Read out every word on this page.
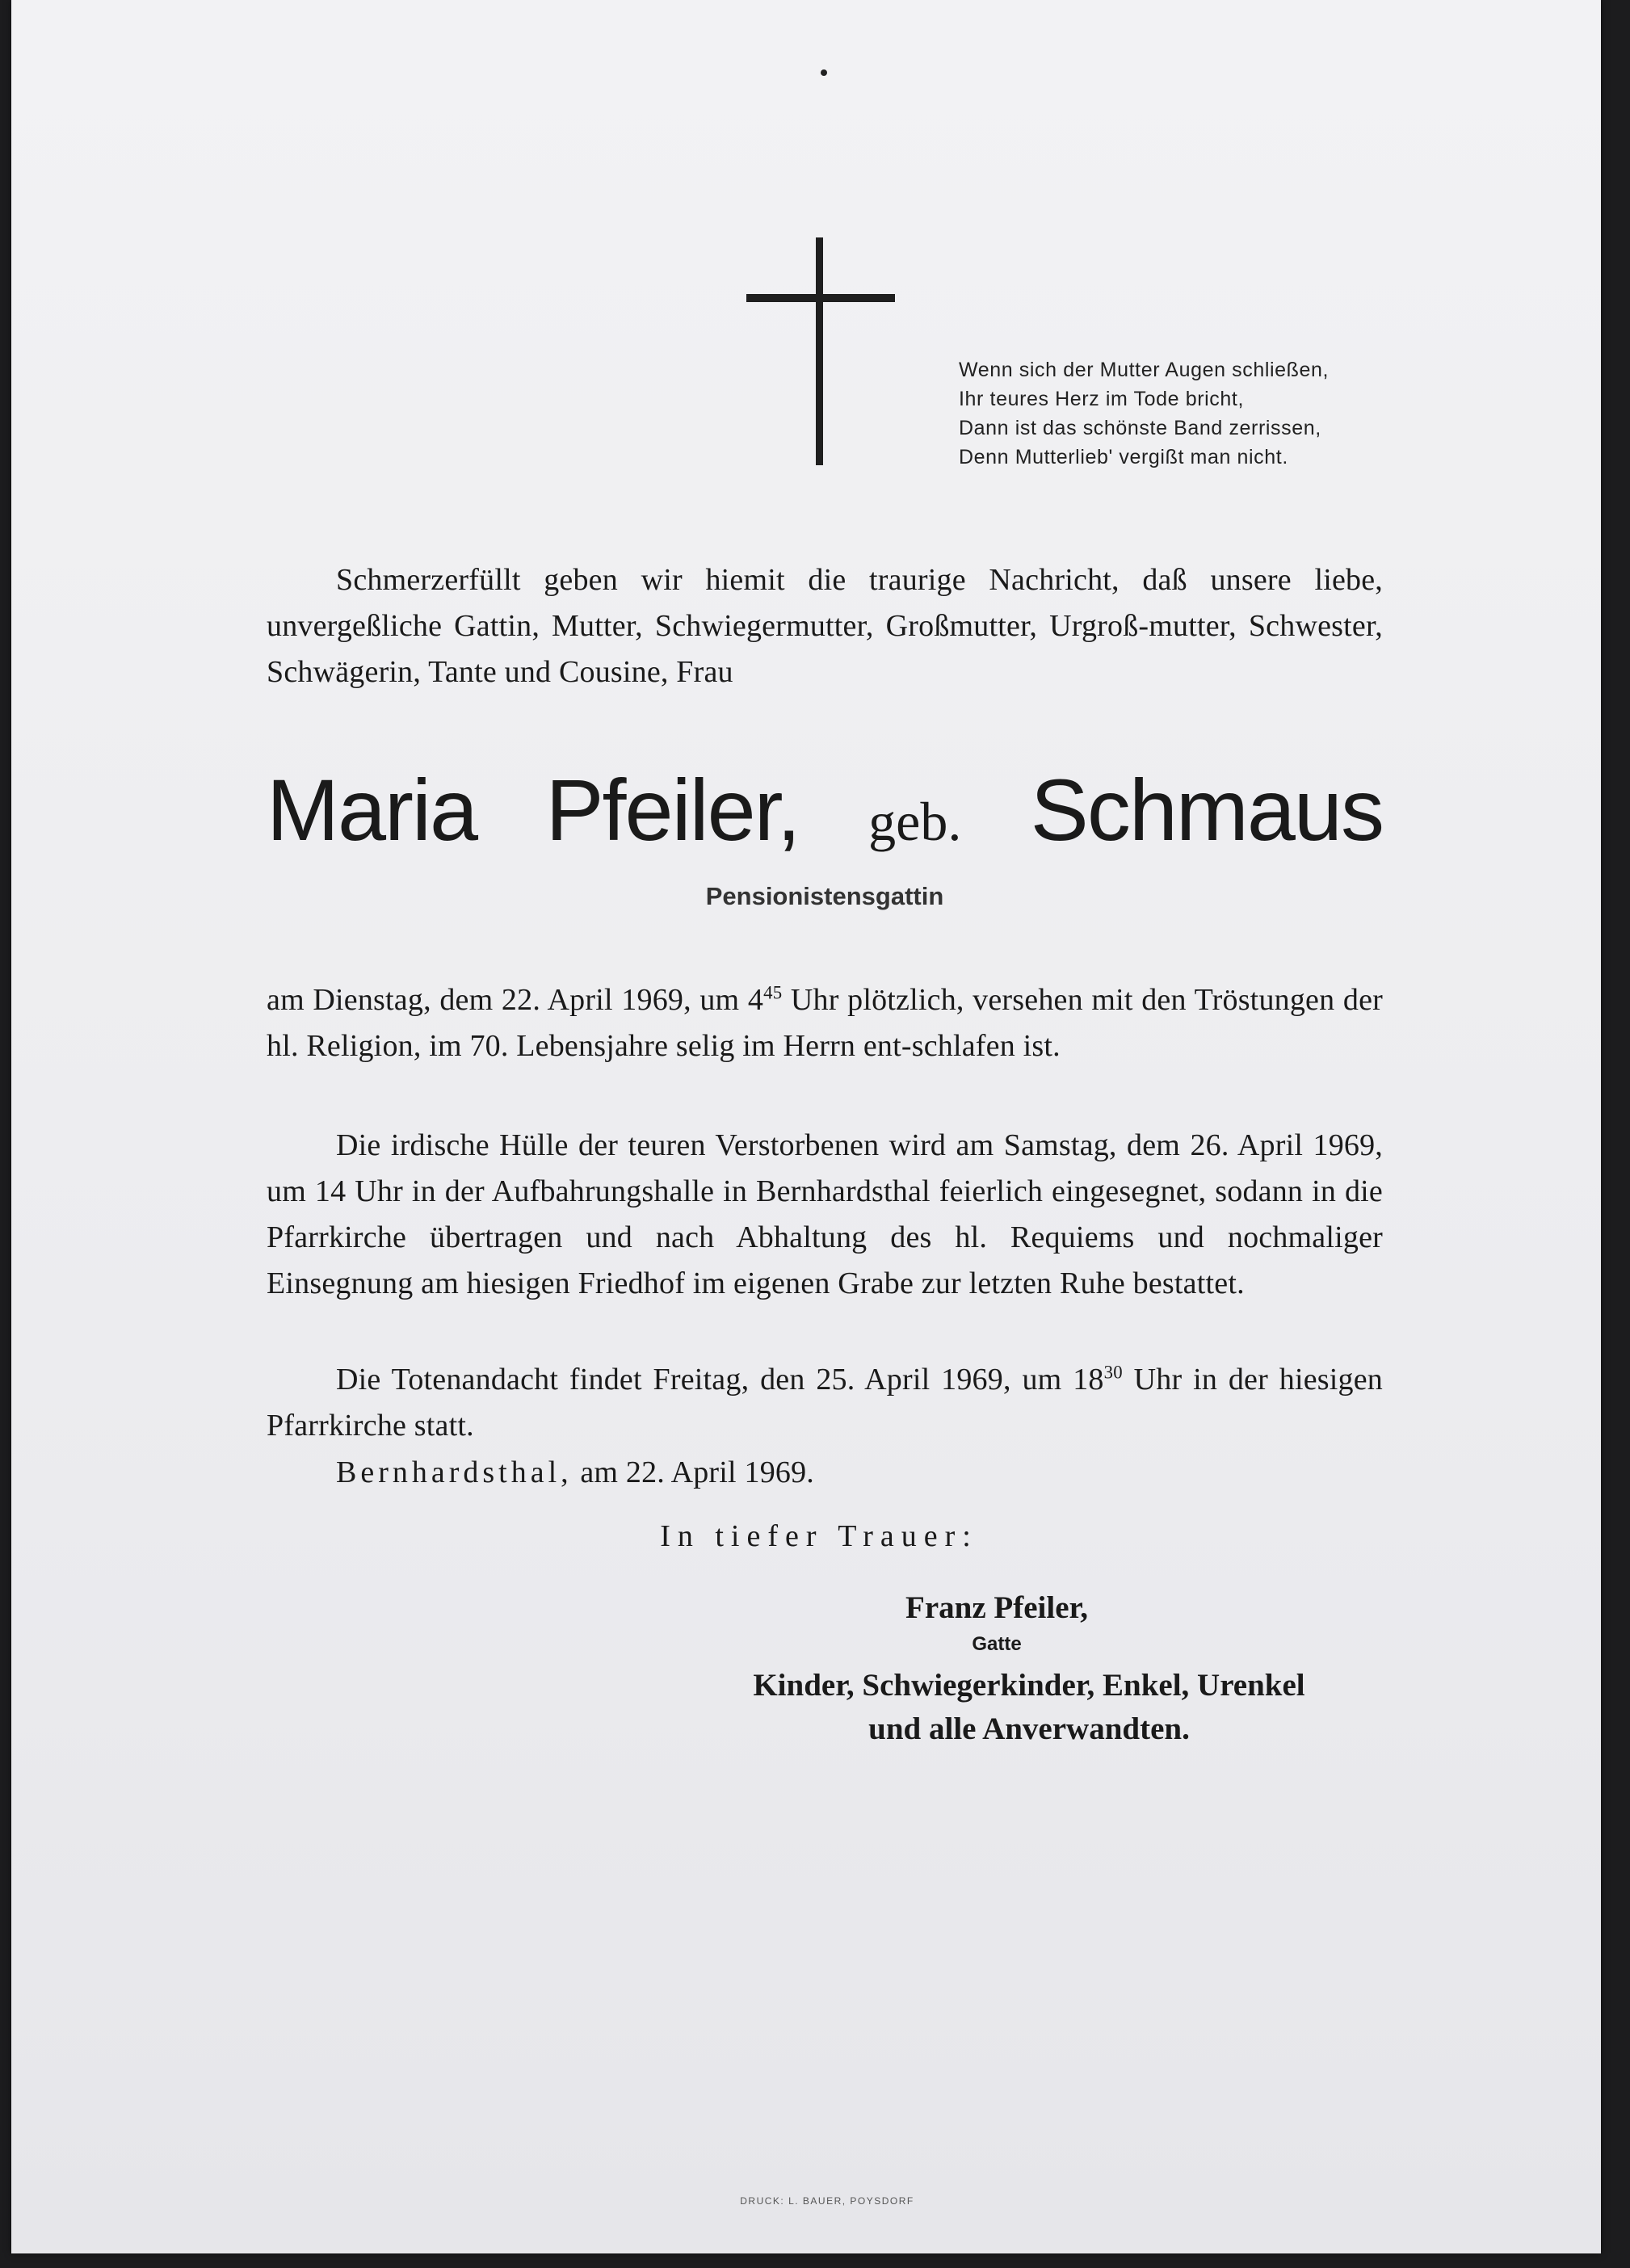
Wenn sich der Mutter Augen schließen,
Ihr teures Herz im Tode bricht,
Dann ist das schönste Band zerrissen,
Denn Mutterlieb' vergißt man nicht.
Schmerzerfüllt geben wir hiemit die traurige Nachricht, daß unsere liebe, unvergeßliche Gattin, Mutter, Schwiegermutter, Großmutter, Urgroß-mutter, Schwester, Schwägerin, Tante und Cousine, Frau
Maria Pfeiler, geb. Schmaus
Pensionistensgattin
am Dienstag, dem 22. April 1969, um $4^{45}$ Uhr plötzlich, versehen mit den Tröstungen der hl. Religion, im 70. Lebensjahre selig im Herrn ent-schlafen ist.
Die irdische Hülle der teuren Verstorbenen wird am Samstag, dem 26. April 1969, um 14 Uhr in der Aufbahrungshalle in Bernhardsthal feierlich eingesegnet, sodann in die Pfarrkirche übertragen und nach Abhaltung des hl. Requiems und nochmaliger Einsegnung am hiesigen Friedhof im eigenen Grabe zur letzten Ruhe bestattet.
Die Totenandacht findet Freitag, den 25. April 1969, um $18^{30}$ Uhr in der hiesigen Pfarrkirche statt.
Bernhardsthal, am 22. April 1969.
In tiefer Trauer:
Franz Pfeiler,
Gatte
Kinder, Schwiegerkinder, Enkel, Urenkel
und alle Anverwandten.
DRUCK: L. BAUER, POYSDORF
